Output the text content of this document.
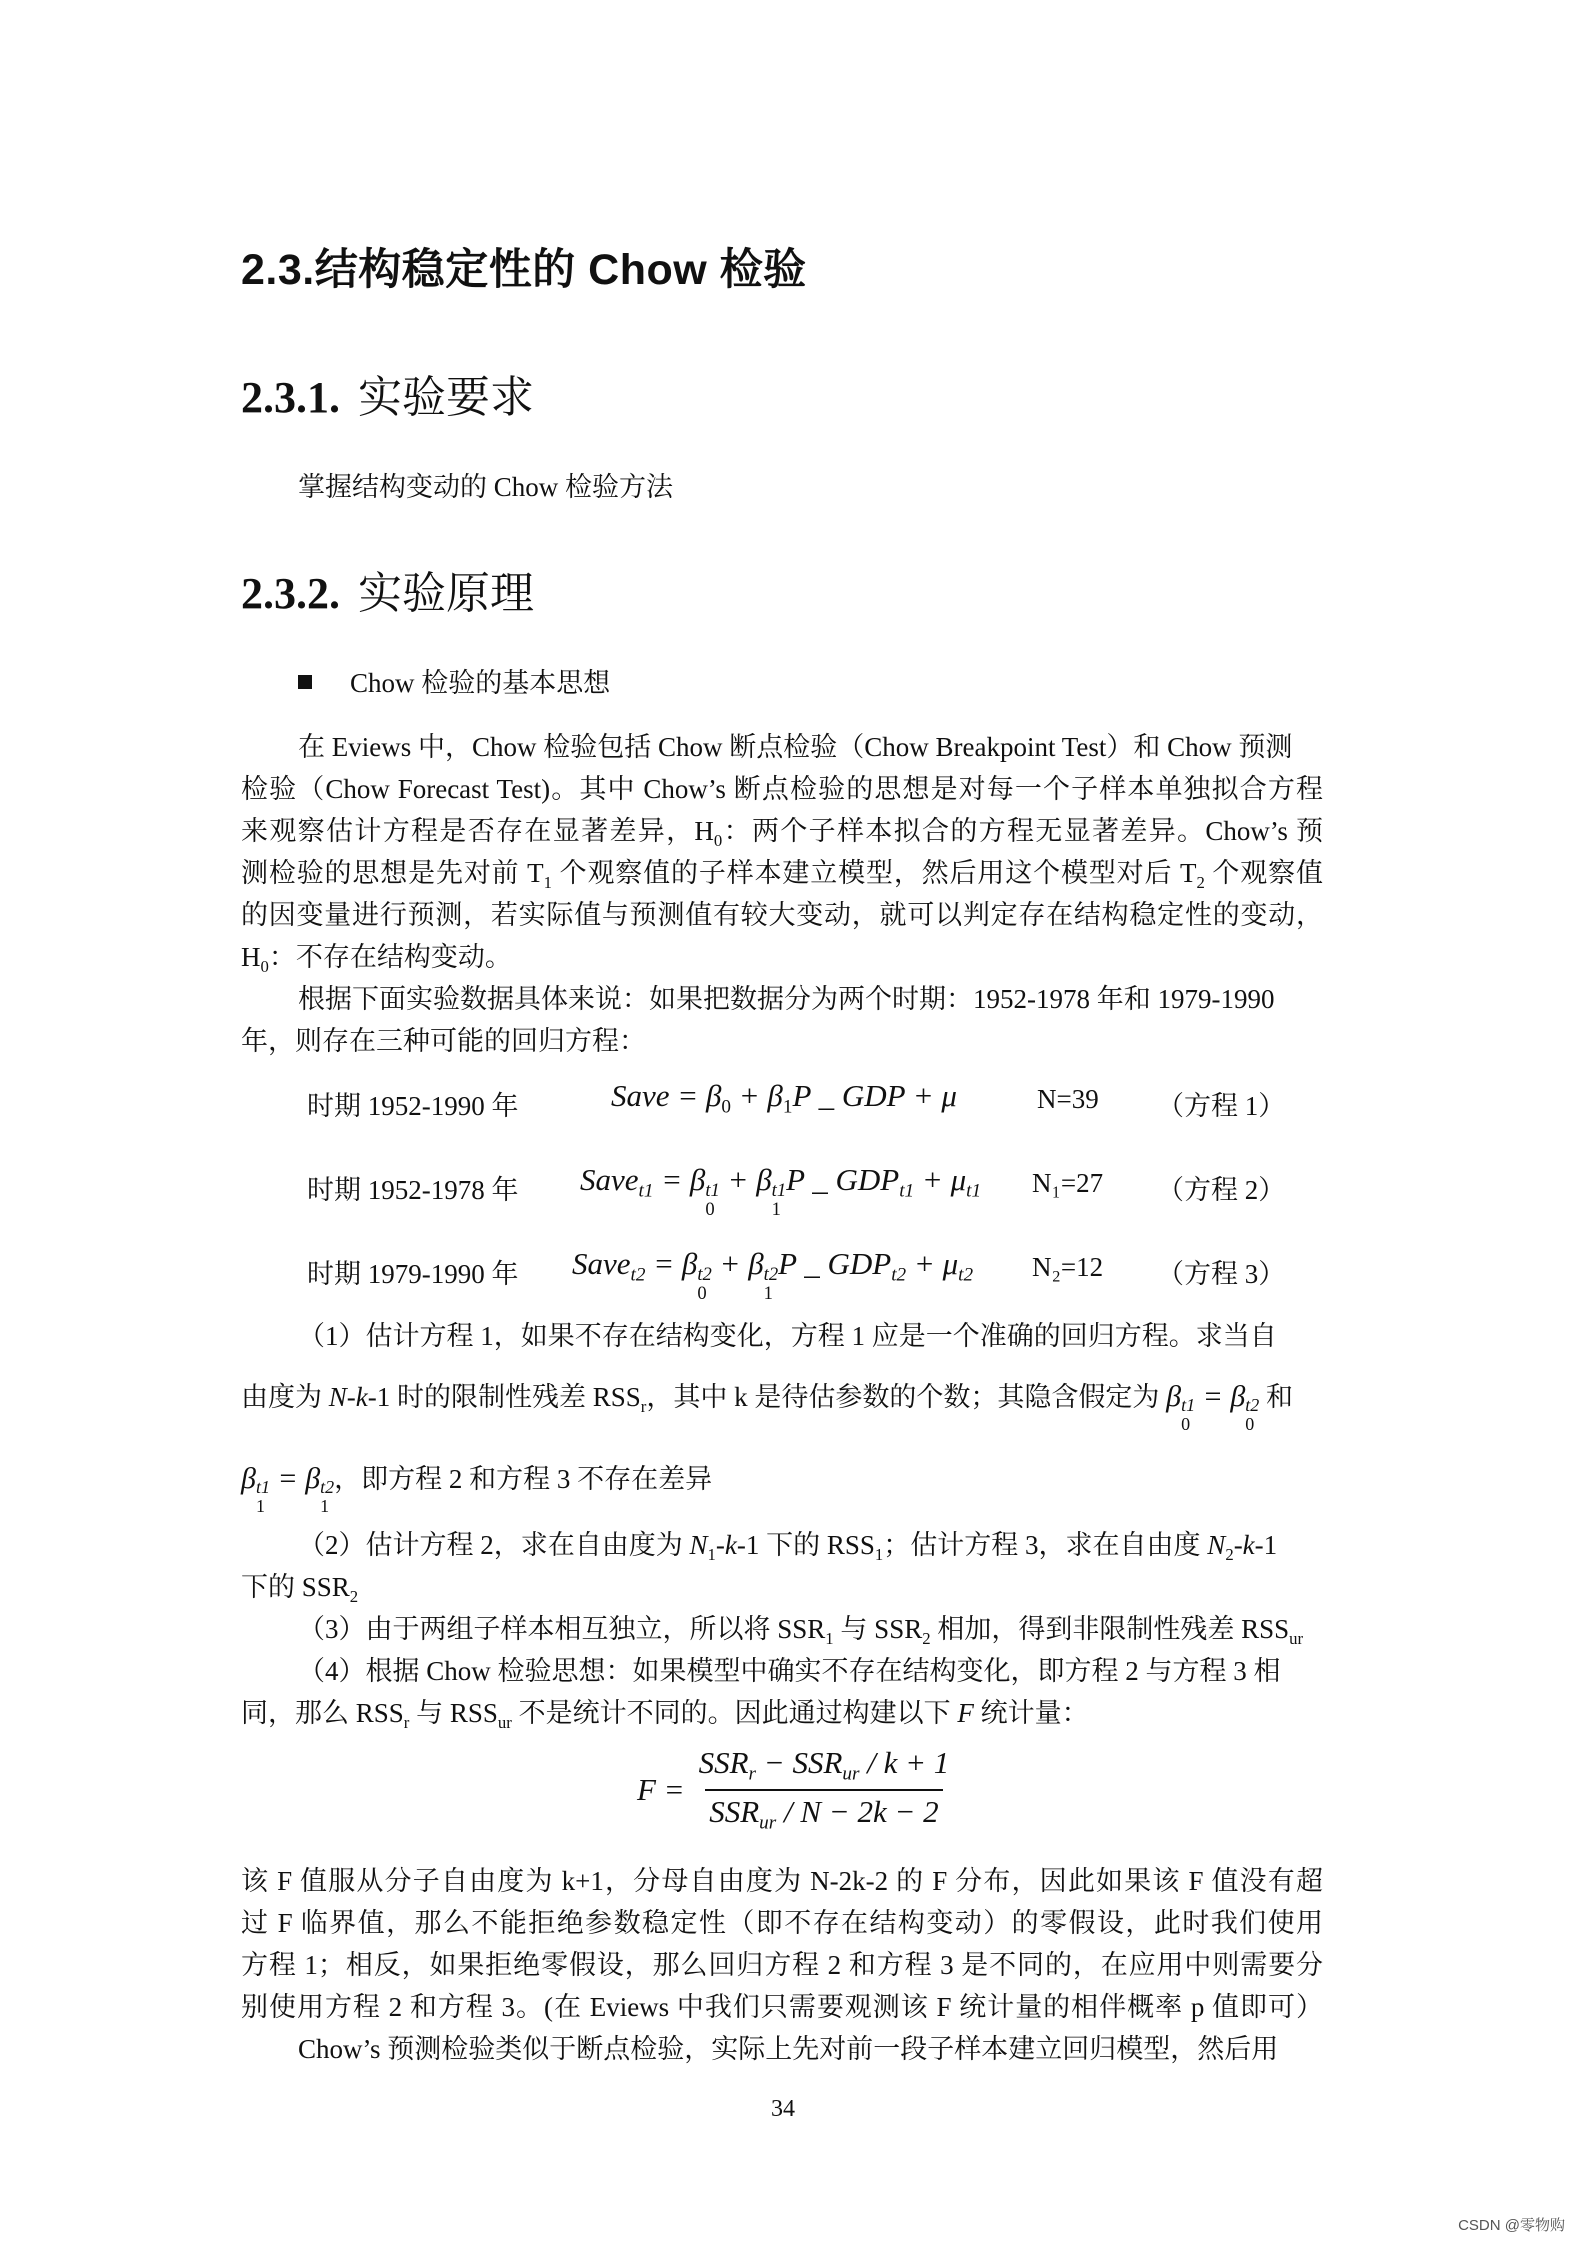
2.3.结构稳定性的 Chow 检验
2.3.1. 实验要求
掌握结构变动的 Chow 检验方法
2.3.2. 实验原理
Chow 检验的基本思想
在 Eviews 中，Chow 检验包括 Chow 断点检验（Chow Breakpoint Test）和 Chow 预测
检验（Chow Forecast Test)。其中 Chow’s 断点检验的思想是对每一个子样本单独拟合方程
来观察估计方程是否存在显著差异，$H_0$：两个子样本拟合的方程无显著差异。Chow’s 预
测检验的思想是先对前 $T_1$ 个观察值的子样本建立模型，然后用这个模型对后 $T_2$ 个观察值
的因变量进行预测，若实际值与预测值有较大变动，就可以判定存在结构稳定性的变动，
$H_0$：不存在结构变动。
根据下面实验数据具体来说：如果把数据分为两个时期：1952-1978 年和 1979-1990
年，则存在三种可能的回归方程：
时期 1952-1990 年	Save = $\beta_0 + \beta_1P$ _ GDP + μ	N=39 （方程 1）
时期 1952-1978 年 Save$_{t1}$ = β t1
0
+ β t1
1
P _ $GDP_{t1} + \mu_{t1}$ N₁=27 （方程 2）
时期 1979-1990 年 Save$_{t2}$ = β t2
0
+ β t2
1
P _ $GDP_{t2} + \mu_{t2}$ N₂=12 （方程 3）
（1）估计方程 1，如果不存在结构变化，方程 1 应是一个准确的回归方程。求当自
由度为 N-k-1 时的限制性残差 $RSS_r$，其中 k 是待估参数的个数；其隐含假定为 β t1
0
= β t2
0
和
β t1
1
= β t2
1
，即方程 2 和方程 3 不存在差异
（2）估计方程 2，求在自由度为 $N_1-k-1$ 下的 $RSS_1$；估计方程 3，求在自由度 $N_2-k-1$
下的 $SSR_2$
（3）由于两组子样本相互独立，所以将 $SSR_1$ 与 $SSR_2$ 相加，得到非限制性残差 $RSS_{ur}$
（4）根据 Chow 检验思想：如果模型中确实不存在结构变化，即方程 2 与方程 3 相
同，那么 $RSS_r$ 与 $RSS_{ur}$ 不是统计不同的。因此通过构建以下 F 统计量：
$F = \frac{SSR_r - SSR_{ur} / k + 1}{SSR_{ur} / N - 2k - 2}$
该 F 值服从分子自由度为 k+1，分母自由度为 N-2k-2 的 F 分布，因此如果该 F 值没有超
过 F 临界值，那么不能拒绝参数稳定性（即不存在结构变动）的零假设，此时我们使用
方程 1；相反，如果拒绝零假设，那么回归方程 2 和方程 3 是不同的，在应用中则需要分
别使用方程 2 和方程 3。(在 Eviews 中我们只需要观测该 F 统计量的相伴概率 p 值即可）
Chow’s 预测检验类似于断点检验，实际上先对前一段子样本建立回归模型，然后用
34
CSDN @零物购
